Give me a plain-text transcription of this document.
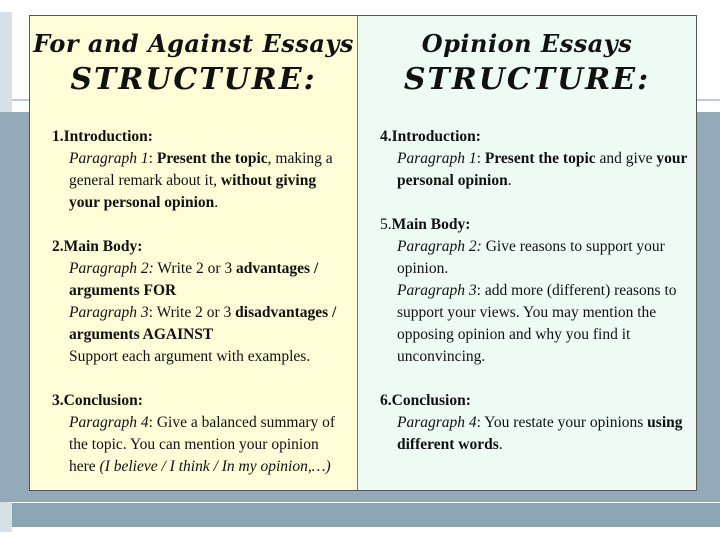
For and Against Essays
STRUCTURE:
1.Introduction:
Paragraph 1: Present the topic, making a general remark about it, without giving your personal opinion.
2.Main Body:
Paragraph 2: Write 2 or 3 advantages / arguments FOR
Paragraph 3: Write 2 or 3 disadvantages / arguments AGAINST
Support each argument with examples.
3.Conclusion:
Paragraph 4: Give a balanced summary of the topic. You can mention your opinion here (I believe / I think / In my opinion,…)
Opinion Essays
STRUCTURE:
4.Introduction:
Paragraph 1: Present the topic and give your personal opinion.
5.Main Body:
Paragraph 2: Give reasons to support your opinion.
Paragraph 3: add more (different) reasons to support your views. You may mention the opposing opinion and why you find it unconvincing.
6.Conclusion:
Paragraph 4: You restate your opinions using different words.
